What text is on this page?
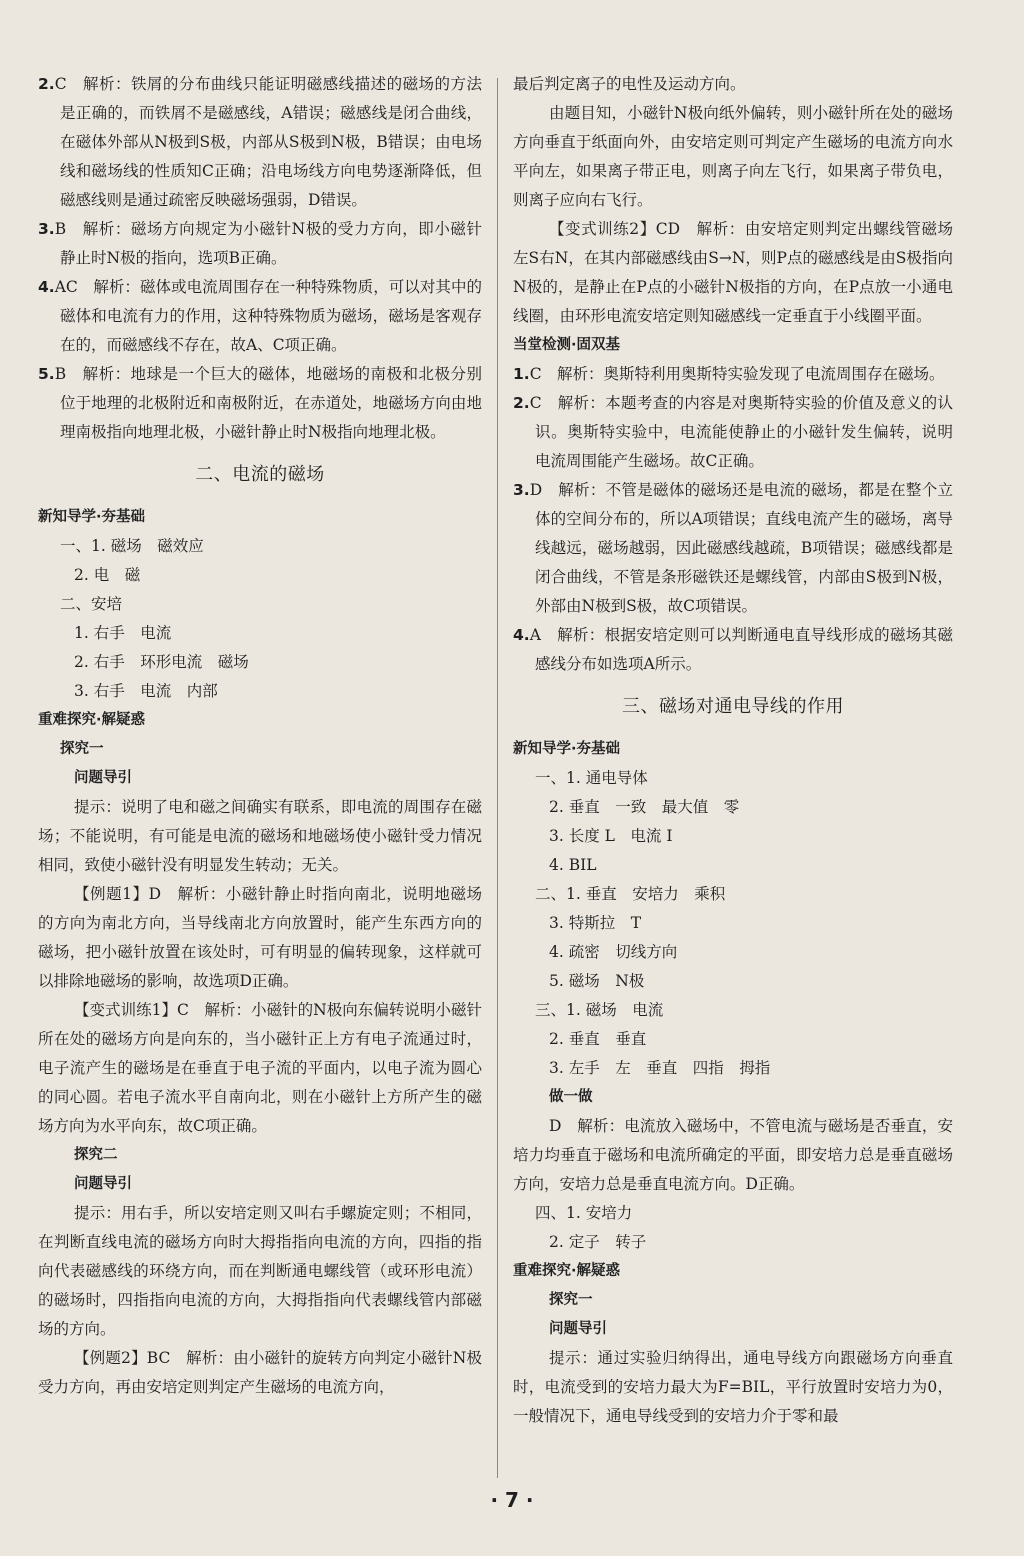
2.C　解析：铁屑的分布曲线只能证明磁感线描述的磁场的方法是正确的，而铁屑不是磁感线，A错误；磁感线是闭合曲线，在磁体外部从N极到S极，内部从S极到N极，B错误；由电场线和磁场线的性质知C正确；沿电场线方向电势逐渐降低，但磁感线则是通过疏密反映磁场强弱，D错误。

3.B　解析：磁场方向规定为小磁针N极的受力方向，即小磁针静止时N极的指向，选项B正确。

4.AC　解析：磁体或电流周围存在一种特殊物质，可以对其中的磁体和电流有力的作用，这种特殊物质为磁场，磁场是客观存在的，而磁感线不存在，故A、C项正确。

5.B　解析：地球是一个巨大的磁体，地磁场的南极和北极分别位于地理的北极附近和南极附近，在赤道处，地磁场方向由地理南极指向地理北极，小磁针静止时N极指向地理北极。

二、电流的磁场

新知导学·夯基础

一、1. 磁场　磁效应

2. 电　磁

二、安培

1. 右手　电流

2. 右手　环形电流　磁场

3. 右手　电流　内部

重难探究·解疑惑

探究一

问题导引

提示：说明了电和磁之间确实有联系，即电流的周围存在磁场；不能说明，有可能是电流的磁场和地磁场使小磁针受力情况相同，致使小磁针没有明显发生转动；无关。

【例题1】D　解析：小磁针静止时指向南北，说明地磁场的方向为南北方向，当导线南北方向放置时，能产生东西方向的磁场，把小磁针放置在该处时，可有明显的偏转现象，这样就可以排除地磁场的影响，故选项D正确。

【变式训练1】C　解析：小磁针的N极向东偏转说明小磁针所在处的磁场方向是向东的，当小磁针正上方有电子流通过时，电子流产生的磁场是在垂直于电子流的平面内，以电子流为圆心的同心圆。若电子流水平自南向北，则在小磁针上方所产生的磁场方向为水平向东，故C项正确。

探究二

问题导引

提示：用右手，所以安培定则又叫右手螺旋定则；不相同，在判断直线电流的磁场方向时大拇指指向电流的方向，四指的指向代表磁感线的环绕方向，而在判断通电螺线管（或环形电流）的磁场时，四指指向电流的方向，大拇指指向代表螺线管内部磁场的方向。

【例题2】BC　解析：由小磁针的旋转方向判定小磁针N极受力方向，再由安培定则判定产生磁场的电流方向，

最后判定离子的电性及运动方向。

由题目知，小磁针N极向纸外偏转，则小磁针所在处的磁场方向垂直于纸面向外，由安培定则可判定产生磁场的电流方向水平向左，如果离子带正电，则离子向左飞行，如果离子带负电，则离子应向右飞行。

【变式训练2】CD　解析：由安培定则判定出螺线管磁场左S右N，在其内部磁感线由S→N，则P点的磁感线是由S极指向N极的，是静止在P点的小磁针N极指的方向，在P点放一小通电线圈，由环形电流安培定则知磁感线一定垂直于小线圈平面。

当堂检测·固双基

1.C　解析：奥斯特利用奥斯特实验发现了电流周围存在磁场。

2.C　解析：本题考查的内容是对奥斯特实验的价值及意义的认识。奥斯特实验中，电流能使静止的小磁针发生偏转，说明电流周围能产生磁场。故C正确。

3.D　解析：不管是磁体的磁场还是电流的磁场，都是在整个立体的空间分布的，所以A项错误；直线电流产生的磁场，离导线越远，磁场越弱，因此磁感线越疏，B项错误；磁感线都是闭合曲线，不管是条形磁铁还是螺线管，内部由S极到N极，外部由N极到S极，故C项错误。

4.A　解析：根据安培定则可以判断通电直导线形成的磁场其磁感线分布如选项A所示。

三、磁场对通电导线的作用

新知导学·夯基础

一、1. 通电导体

2. 垂直　一致　最大值　零

3. 长度 L　电流 I

4. BIL

二、1. 垂直　安培力　乘积

3. 特斯拉　T

4. 疏密　切线方向

5. 磁场　N极

三、1. 磁场　电流

2. 垂直　垂直

3. 左手　左　垂直　四指　拇指

做一做

D　解析：电流放入磁场中，不管电流与磁场是否垂直，安培力均垂直于磁场和电流所确定的平面，即安培力总是垂直磁场方向，安培力总是垂直电流方向。D正确。

四、1. 安培力

2. 定子　转子

重难探究·解疑惑

探究一

问题导引

提示：通过实验归纳得出，通电导线方向跟磁场方向垂直时，电流受到的安培力最大为F=BIL，平行放置时安培力为0，一般情况下，通电导线受到的安培力介于零和最

· 7 ·
